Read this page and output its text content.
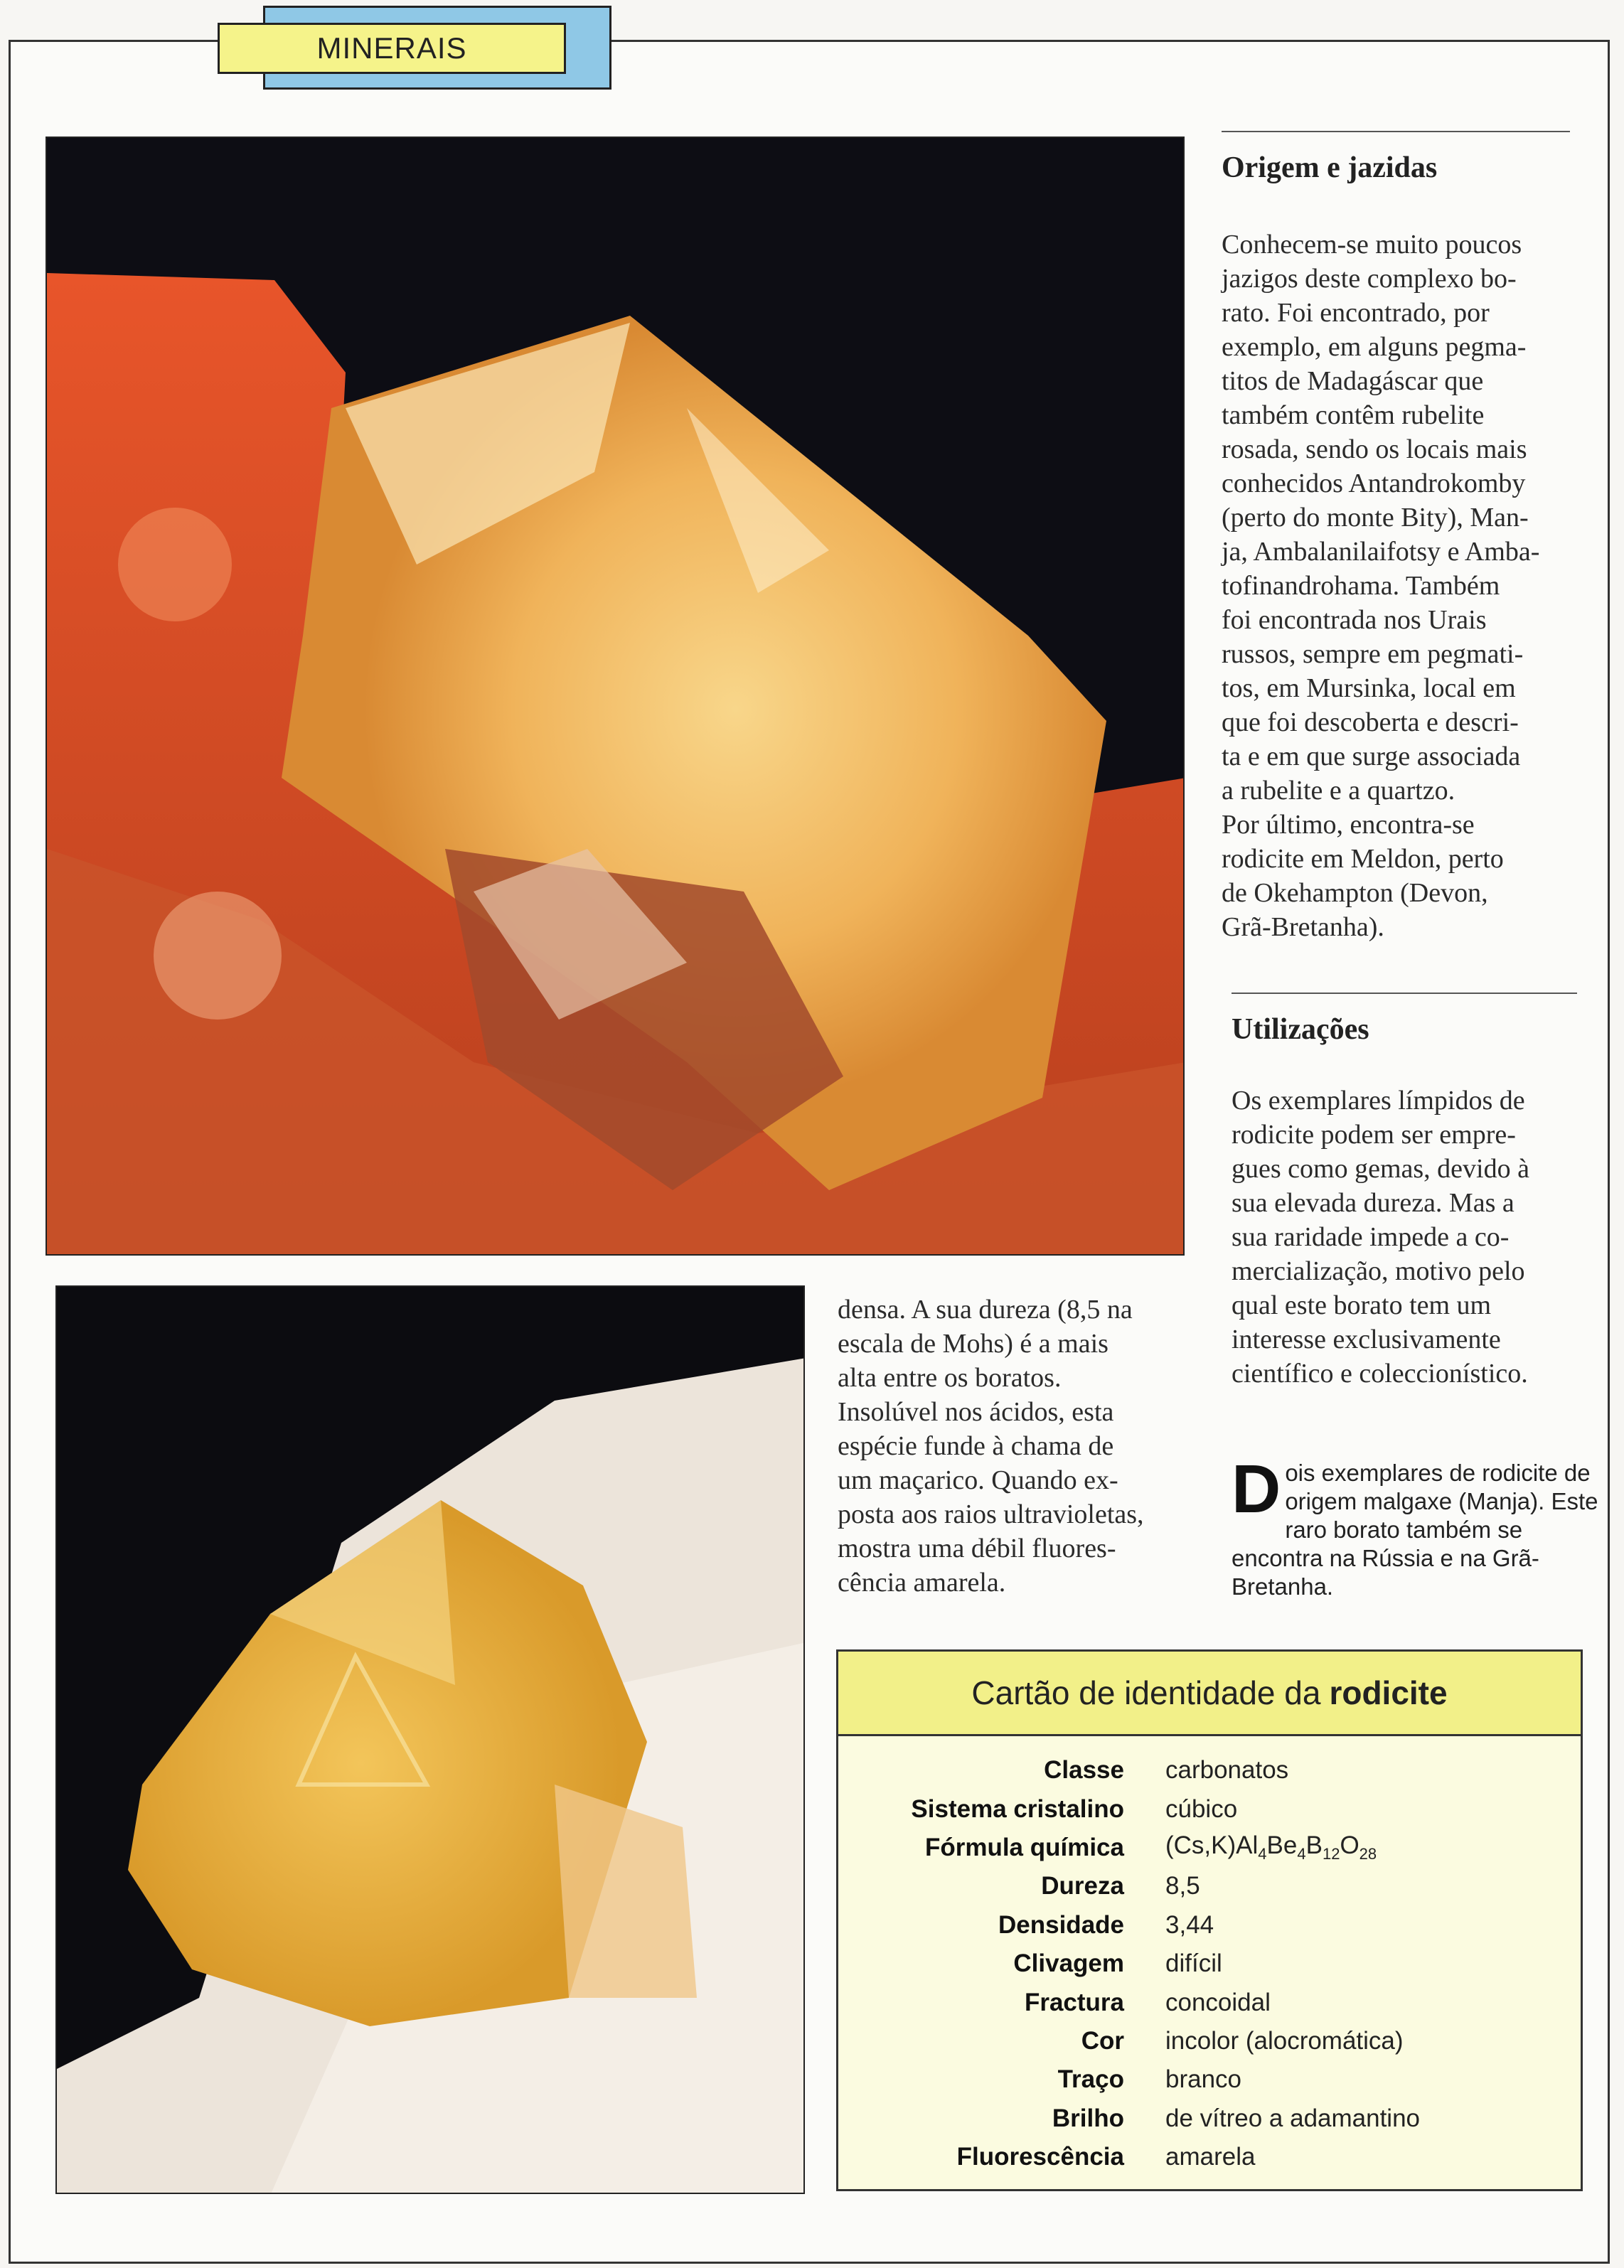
MINERAIS
Origem e jazidas
Conhecem-se muito poucos
jazigos deste complexo bo-
rato. Foi encontrado, por
exemplo, em alguns pegma-
titos de Madagáscar que
também contêm rubelite
rosada, sendo os locais mais
conhecidos Antandrokomby
(perto do monte Bity), Man-
ja, Ambalanilaifotsy e Amba-
tofinandrohama. Também
foi encontrada nos Urais
russos, sempre em pegmati-
tos, em Mursinka, local em
que foi descoberta e descri-
ta e em que surge associada
a rubelite e a quartzo.
Por último, encontra-se
rodicite em Meldon, perto
de Okehampton (Devon,
Grã-Bretanha).
Utilizações
Os exemplares límpidos de
rodicite podem ser empre-
gues como gemas, devido à
sua elevada dureza. Mas a
sua raridade impede a co-
mercialização, motivo pelo
qual este borato tem um
interesse exclusivamente
científico e coleccionístico.
densa. A sua dureza (8,5 na
escala de Mohs) é a mais
alta entre os boratos.
Insolúvel nos ácidos, esta
espécie funde à chama de
um maçarico. Quando ex-
posta aos raios ultravioletas,
mostra uma débil fluores-
cência amarela.
Dois exemplares de rodicite de origem malgaxe (Manja). Este raro borato também se encontra na Rússia e na Grã-Bretanha.
Cartão de identidade da rodicite
Classe	carbonatos
Sistema cristalino	cúbico
Fórmula química	$(Cs,K)Al_4Be_4B_{12}O_{28}$
Dureza	8,5
Densidade	3,44
Clivagem	difícil
Fractura	concoidal
Cor	incolor (alocromática)
Traço	branco
Brilho	de vítreo a adamantino
Fluorescência	amarela
